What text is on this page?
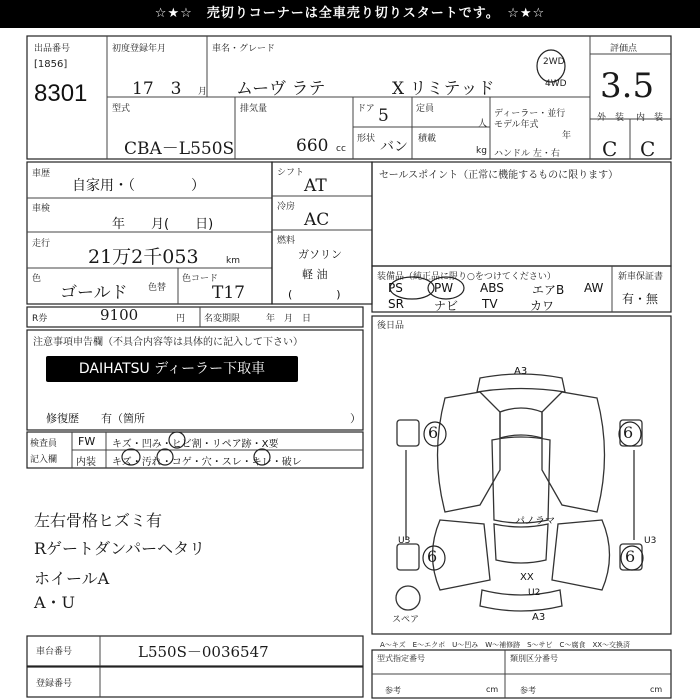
☆★☆　売切りコーナーは全車売り切りスタートです。　☆★☆
出品番号
[1856]
8301
初度登録年月
17　3 月
車名・グレード
ムーヴ ラテ	X リミテッド
2WD
4WD
評価点
3.5
型式
CBA－L550S
排気量
660 cc
ドア 5	定員
人
形状 バン 積載
kg
ディーラー・並行
モデル年式
年
ハンドル 左・右
外　装 内　装
C C
車歴
自家用・（　　　　）
車検
年　　月(　　日)
走行
21万2千053	km
色
ゴールド 色替
色コード
T17
R券	9100	円 名変期限	年　月　日
シフト
AT
冷房
AC
燃料
ガソリン
軽 油
(　　　　)
セールスポイント（正常に機能するものに限ります）
装備品（純正品に限り○をつけてください）
PS	PW ABS エアB AW
SR	ナビ TV	カワ
新車保証書
有・無
注意事項申告欄（不具合内容等は具体的に記入して下さい）
DAIHATSU ディーラー下取車
修復歴　　有（箇所	）
検査員
記入欄
FW キズ・凹み・ヒビ割・リペア跡・X要
内装 キズ・汚れ・コゲ・穴・スレ・キレ・破レ
左右骨格ヒズミ有
Rゲートダンパーヘタリ
ホイールA
A・U
後日品
A3
6	6
U3
6	6
U3
パノラマ
XX
U2
A3
スペア
車台番号	L550S－0036547
登録番号
A～キズ　E～エクボ　U～凹み　W～補修跡　S～サビ　C～腐食　XX～交換済
型式指定番号	類別区分番号
参考	cm	参考	cm
